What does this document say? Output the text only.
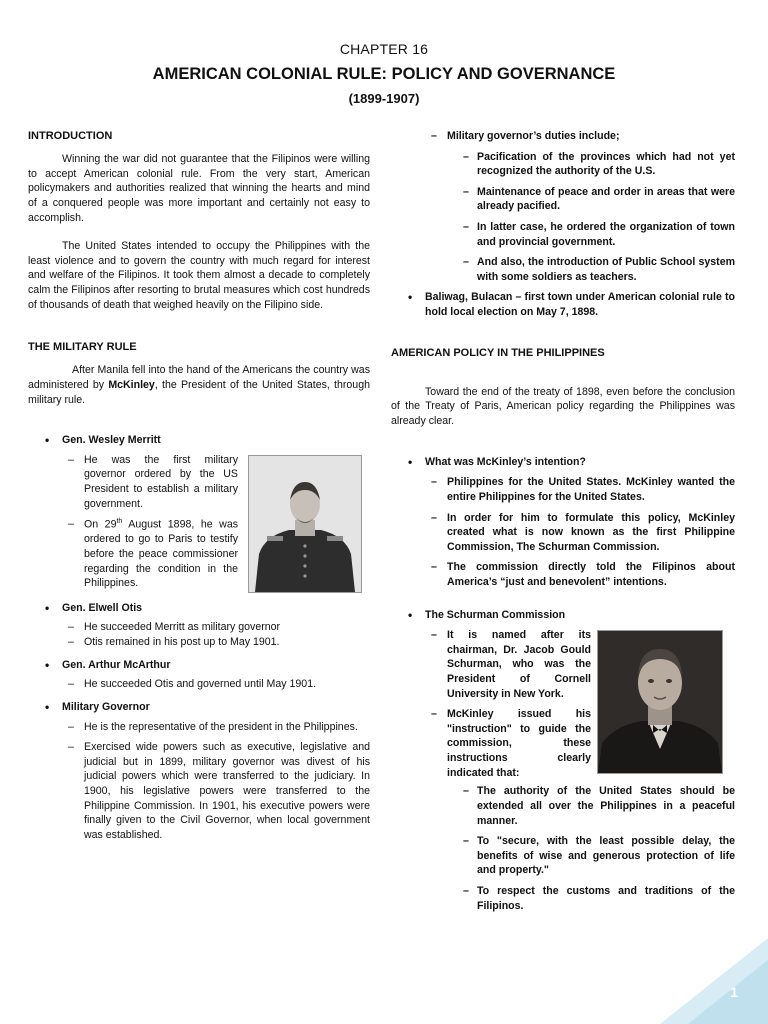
CHAPTER 16
AMERICAN COLONIAL RULE: POLICY AND GOVERNANCE
(1899-1907)
INTRODUCTION

Winning the war did not guarantee that the Filipinos were willing to accept American colonial rule. From the very start, American policymakers and authorities realized that winning the hearts and mind of a conquered people was more important and certainly not easy to accomplish.

The United States intended to occupy the Philippines with the least violence and to govern the country with much regard for interest and welfare of the Filipinos. It took them almost a decade to completely calm the Filipinos after resorting to brutal measures which cost hundreds of thousands of death that weighed heavily on the Filipino side.

THE MILITARY RULE

After Manila fell into the hand of the Americans the country was administered by McKinley, the President of the United States, through military rule.

• Gen. Wesley Merritt
– He was the first military governor ordered by the US President to establish a military government.
– On 29th August 1898, he was ordered to go to Paris to testify before the peace commissioner regarding the condition in the Philippines.
• Gen. Elwell Otis
– He succeeded Merritt as military governor
– Otis remained in his post up to May 1901.
• Gen. Arthur McArthur
– He succeeded Otis and governed until May 1901.
• Military Governor
– He is the representative of the president in the Philippines.
– Exercised wide powers such as executive, legislative and judicial but in 1899, military governor was divest of his judicial powers which were transferred to the judiciary. In 1900, his legislative powers were transferred to the Philippine Commission. In 1901, his executive powers were finally given to the Civil Governor, when local government was established.
– Military governor’s duties include;
– Pacification of the provinces which had not yet recognized the authority of the U.S.
– Maintenance of peace and order in areas that were already pacified.
– In latter case, he ordered the organization of town and provincial government.
– And also, the introduction of Public School system with some soldiers as teachers.
• Baliwag, Bulacan – first town under American colonial rule to hold local election on May 7, 1898.
AMERICAN POLICY IN THE PHILIPPINES

Toward the end of the treaty of 1898, even before the conclusion of the Treaty of Paris, American policy regarding the Philippines was already clear.

• What was McKinley’s intention?
– Philippines for the United States. McKinley wanted the entire Philippines for the United States.
– In order for him to formulate this policy, McKinley created what is now known as the first Philippine Commission, The Schurman Commission.
– The commission directly told the Filipinos about America’s “just and benevolent” intentions.
• The Schurman Commission
– It is named after its chairman, Dr. Jacob Gould Schurman, who was the President of Cornell University in New York.
– McKinley issued his "instruction" to guide the commission, these instructions clearly indicated that:
– The authority of the United States should be extended all over the Philippines in a peaceful manner.
– To "secure, with the least possible delay, the benefits of wise and generous protection of life and property."
– To respect the customs and traditions of the Filipinos.
1
